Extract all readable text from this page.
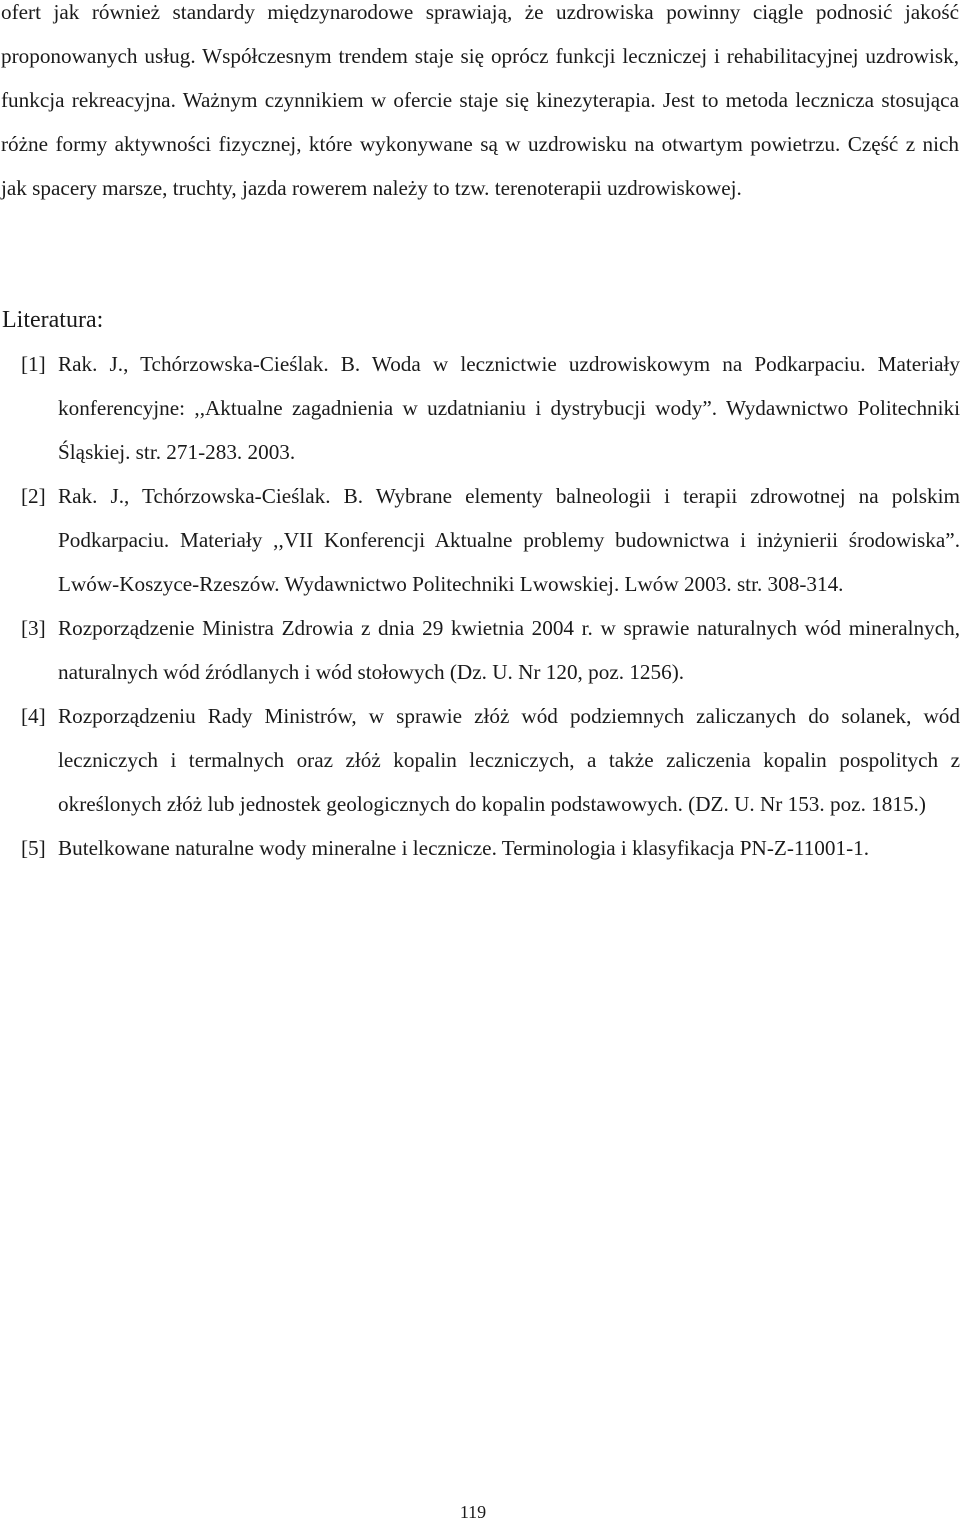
ofert jak również standardy międzynarodowe sprawiają, że uzdrowiska powinny ciągle podnosić jakość proponowanych usług. Współczesnym trendem staje się oprócz funkcji leczniczej i rehabilitacyjnej uzdrowisk, funkcja rekreacyjna. Ważnym czynnikiem w ofercie staje się kinezyterapia. Jest to metoda lecznicza stosująca różne formy aktywności fizycznej, które wykonywane są w uzdrowisku na otwartym powietrzu. Część z nich jak spacery marsze, truchty, jazda rowerem należy to tzw. terenoterapii uzdrowiskowej.

Literatura:
[1] Rak. J., Tchórzowska-Cieślak. B. Woda w lecznictwie uzdrowiskowym na Podkarpaciu. Materiały konferencyjne: ,,Aktualne zagadnienia w uzdatnianiu i dystrybucji wody”. Wydawnictwo Politechniki Śląskiej. str. 271-283. 2003.
[2] Rak. J., Tchórzowska-Cieślak. B. Wybrane elementy balneologii i terapii zdrowotnej na polskim Podkarpaciu. Materiały ,,VII Konferencji Aktualne problemy budownictwa i inżynierii środowiska”. Lwów-Koszyce-Rzeszów. Wydawnictwo Politechniki Lwowskiej. Lwów 2003. str. 308-314.
[3] Rozporządzenie Ministra Zdrowia z dnia 29 kwietnia 2004 r. w sprawie naturalnych wód mineralnych, naturalnych wód źródlanych i wód stołowych (Dz. U. Nr 120, poz. 1256).
[4] Rozporządzeniu Rady Ministrów, w sprawie złóż wód podziemnych zaliczanych do solanek, wód leczniczych i termalnych oraz złóż kopalin leczniczych, a także zaliczenia kopalin pospolitych z określonych złóż lub jednostek geologicznych do kopalin podstawowych. (DZ. U. Nr 153. poz. 1815.)
[5] Butelkowane naturalne wody mineralne i lecznicze. Terminologia i klasyfikacja PN-Z-11001-1.

119
